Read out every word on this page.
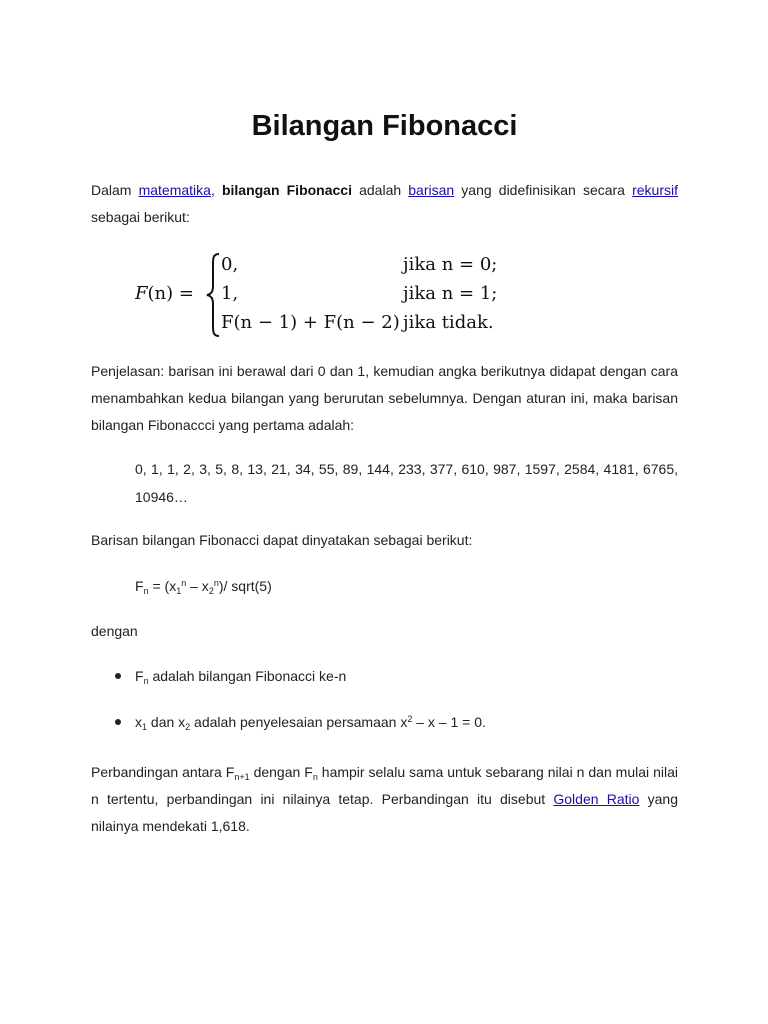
Bilangan Fibonacci

Dalam matematika, bilangan Fibonacci adalah barisan yang didefinisikan secara rekursif sebagai berikut:

F(n) =
0,
1,
F(n − 1) + F(n − 2)
jika n = 0;
jika n = 1;
jika tidak.

Penjelasan: barisan ini berawal dari 0 dan 1, kemudian angka berikutnya didapat dengan cara menambahkan kedua bilangan yang berurutan sebelumnya. Dengan aturan ini, maka barisan bilangan Fibonaccci yang pertama adalah:

0, 1, 1, 2, 3, 5, 8, 13, 21, 34, 55, 89, 144, 233, 377, 610, 987, 1597, 2584, 4181, 6765, 10946…

Barisan bilangan Fibonacci dapat dinyatakan sebagai berikut:

$F_n = (x_1^n - x_2^n)/$ sqrt(5)

dengan

$F_n$ adalah bilangan Fibonacci ke-n
$x_1$ dan $x_2$ adalah penyelesaian persamaan $x^2 - x - 1 = 0$.

Perbandingan antara $F_{n+1}$ dengan $F_n$ hampir selalu sama untuk sebarang nilai n dan mulai nilai n tertentu, perbandingan ini nilainya tetap. Perbandingan itu disebut Golden Ratio yang nilainya mendekati 1,618.
